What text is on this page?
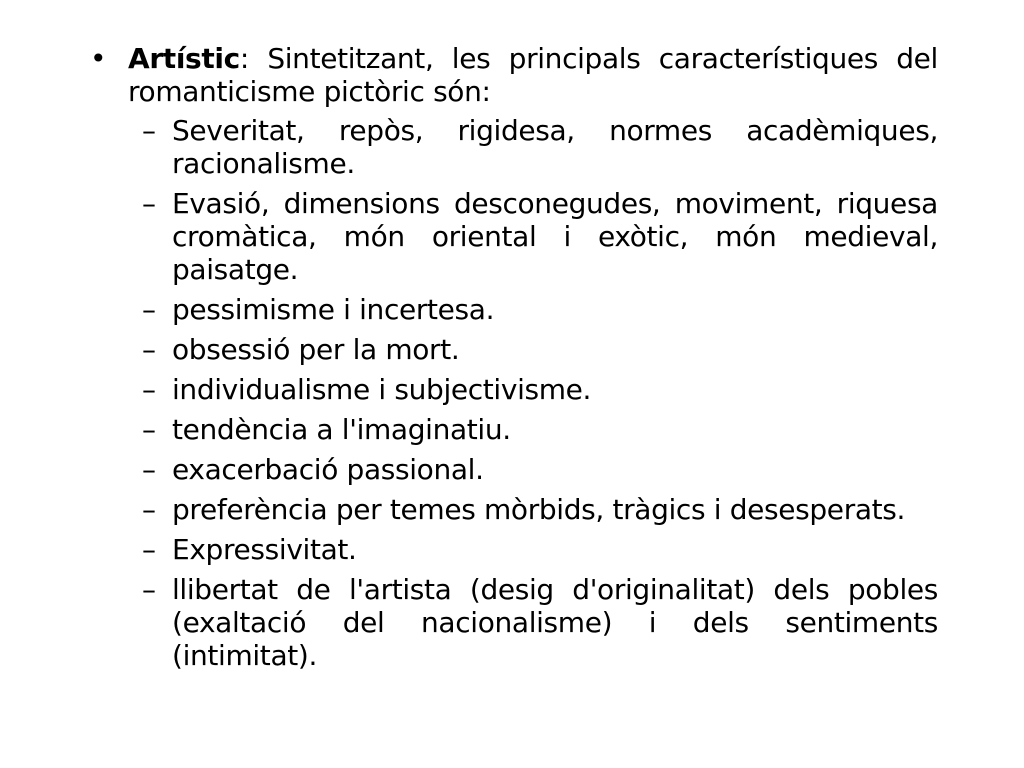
• Artístic: Sintetitzant, les principals característiques del romanticisme pictòric són:
– Severitat, repòs, rigidesa, normes acadèmiques, racionalisme.
– Evasió, dimensions desconegudes, moviment, riquesa cromàtica, món oriental i exòtic, món medieval, paisatge.
– pessimisme i incertesa.
– obsessió per la mort.
– individualisme i subjectivisme.
– tendència a l'imaginatiu.
– exacerbació passional.
– preferència per temes mòrbids, tràgics i desesperats.
– Expressivitat.
– llibertat de l'artista (desig d'originalitat) dels pobles (exaltació del nacionalisme) i dels sentiments (intimitat).
